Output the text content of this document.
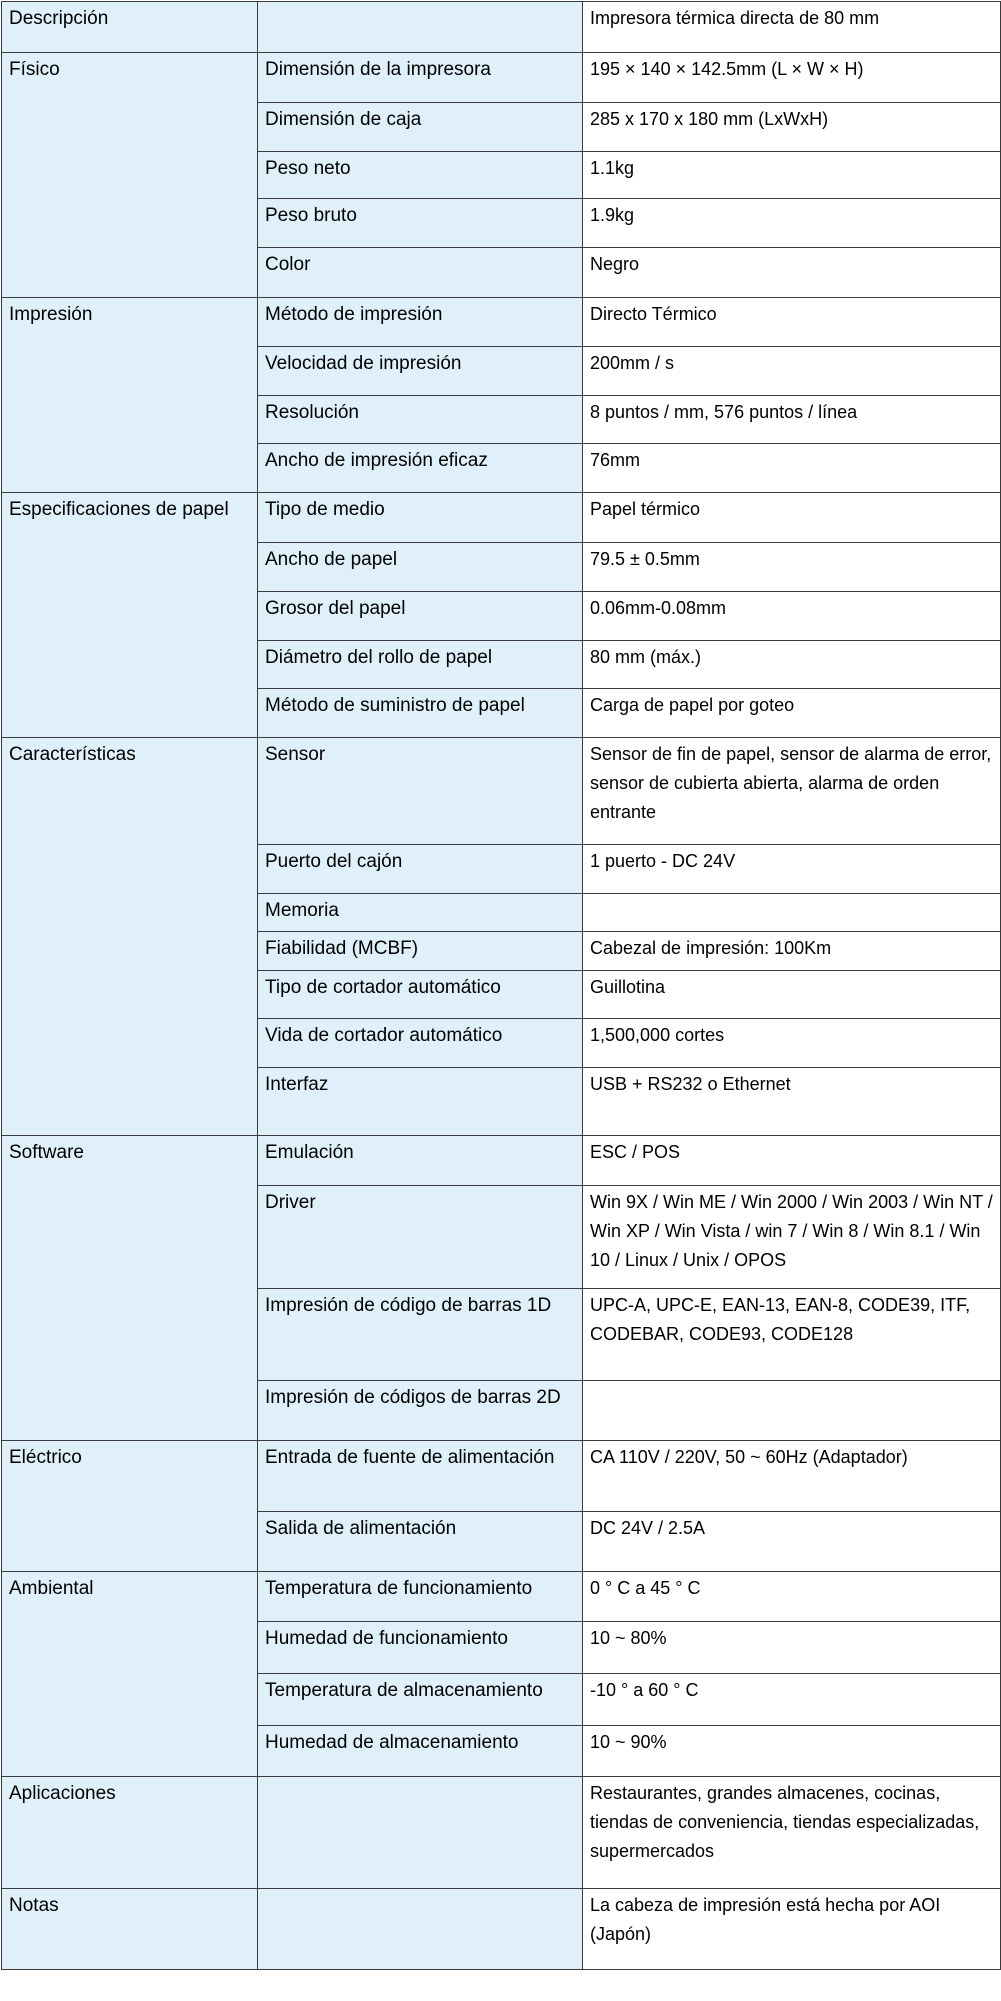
Descripción		Impresora térmica directa de 80 mm
Físico	Dimensión de la impresora	195 × 140 × 142.5mm (L × W × H)
	Dimensión de caja	285 x 170 x 180 mm (LxWxH)
	Peso neto	1.1kg
	Peso bruto	1.9kg
	Color	Negro
Impresión	Método de impresión	Directo Térmico
	Velocidad de impresión	200mm / s
	Resolución	8 puntos / mm, 576 puntos / línea
	Ancho de impresión eficaz	76mm
Especificaciones de papel	Tipo de medio	Papel térmico
	Ancho de papel	79.5 ± 0.5mm
	Grosor del papel	0.06mm-0.08mm
	Diámetro del rollo de papel	80 mm (máx.)
	Método de suministro de papel	Carga de papel por goteo
Características	Sensor	Sensor de fin de papel, sensor de alarma de error, sensor de cubierta abierta, alarma de orden entrante
	Puerto del cajón	1 puerto - DC 24V
	Memoria	
	Fiabilidad (MCBF)	Cabezal de impresión: 100Km
	Tipo de cortador automático	Guillotina
	Vida de cortador automático	1,500,000 cortes
	Interfaz	USB + RS232 o Ethernet
Software	Emulación	ESC / POS
	Driver	Win 9X / Win ME / Win 2000 / Win 2003 / Win NT / Win XP / Win Vista / win 7 / Win 8 / Win 8.1 / Win 10 / Linux / Unix / OPOS
	Impresión de código de barras 1D	UPC-A, UPC-E, EAN-13, EAN-8, CODE39, ITF, CODEBAR, CODE93, CODE128
	Impresión de códigos de barras 2D	
Eléctrico	Entrada de fuente de alimentación	CA 110V / 220V, 50 ~ 60Hz (Adaptador)
	Salida de alimentación	DC 24V / 2.5A
Ambiental	Temperatura de funcionamiento	0 ° C a 45 ° C
	Humedad de funcionamiento	10 ~ 80%
	Temperatura de almacenamiento	-10 ° a 60 ° C
	Humedad de almacenamiento	10 ~ 90%
Aplicaciones		Restaurantes, grandes almacenes, cocinas, tiendas de conveniencia, tiendas especializadas, supermercados
Notas		La cabeza de impresión está hecha por AOI (Japón)
